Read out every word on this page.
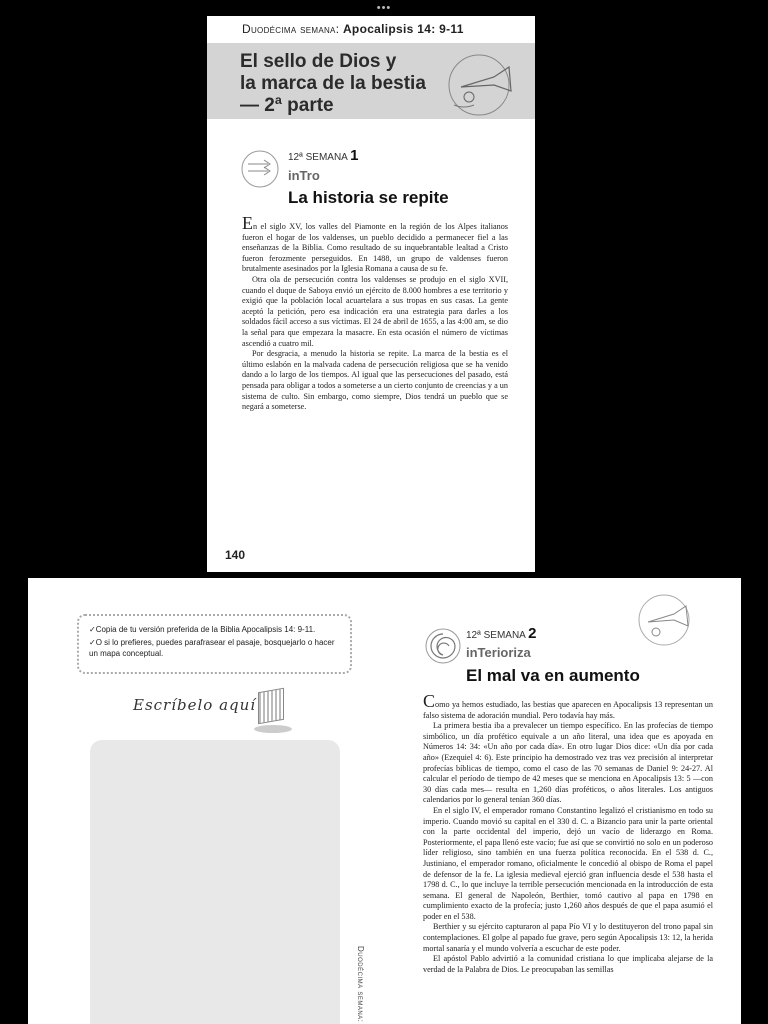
•••
Duodécima semana: Apocalipsis 14: 9-11
El sello de Dios y
la marca de la bestia
— 2ª parte
12ª SEMANA 1
inTro
La historia se repite

En el siglo XV, los valles del Piamonte en la región de los Alpes italianos fueron el hogar de los valdenses, un pueblo decidido a permanecer fiel a las enseñanzas de la Biblia. Como resultado de su inquebrantable lealtad a Cristo fueron ferozmente perseguidos. En 1488, un grupo de valdenses fueron brutalmente asesinados por la Iglesia Romana a causa de su fe.

Otra ola de persecución contra los valdenses se produjo en el siglo XVII, cuando el duque de Saboya envió un ejército de 8.000 hombres a ese territorio y exigió que la población local acuartelara a sus tropas en sus casas. La gente aceptó la petición, pero esa indicación era una estrategia para darles a los soldados fácil acceso a sus víctimas. El 24 de abril de 1655, a las 4:00 am, se dio la señal para que empezara la masacre. En esta ocasión el número de víctimas ascendió a cuatro mil.

Por desgracia, a menudo la historia se repite. La marca de la bestia es el último eslabón en la malvada cadena de persecución religiosa que se ha venido dando a lo largo de los tiempos. Al igual que las persecuciones del pasado, está pensada para obligar a todos a someterse a un cierto conjunto de creencias y a un sistema de culto. Sin embargo, como siempre, Dios tendrá un pueblo que se negará a someterse.

140
✓Copia de tu versión preferida de la Biblia Apocalipsis 14: 9-11.
✓O si lo prefieres, puedes parafrasear el pasaje, bosquejarlo o hacer un mapa conceptual.
Escríbelo aquí
Duodécima semana:
12ª SEMANA 2
inTerioriza
El mal va en aumento

Como ya hemos estudiado, las bestias que aparecen en Apocalipsis 13 representan un falso sistema de adoración mundial. Pero todavía hay más.

La primera bestia iba a prevalecer un tiempo específico. En las profecías de tiempo simbólico, un día profético equivale a un año literal, una idea que es apoyada en Números 14: 34: «Un año por cada día». En otro lugar Dios dice: «Un día por cada año» (Ezequiel 4: 6). Este principio ha demostrado vez tras vez precisión al interpretar profecías bíblicas de tiempo, como el caso de las 70 semanas de Daniel 9: 24-27. Al calcular el período de tiempo de 42 meses que se menciona en Apocalipsis 13: 5 —con 30 días cada mes— resulta en 1,260 días proféticos, o años literales. Los antiguos calendarios por lo general tenían 360 días.

En el siglo IV, el emperador romano Constantino legalizó el cristianismo en todo su imperio. Cuando movió su capital en el 330 d. C. a Bizancio para unir la parte oriental con la parte occidental del imperio, dejó un vacío de liderazgo en Roma. Posteriormente, el papa llenó este vacío; fue así que se convirtió no solo en un poderoso líder religioso, sino también en una fuerza política reconocida. En el 538 d. C., Justiniano, el emperador romano, oficialmente le concedió al obispo de Roma el papel de defensor de la fe. La iglesia medieval ejerció gran influencia desde el 538 hasta el 1798 d. C., lo que incluye la terrible persecución mencionada en la introducción de esta semana. El general de Napoleón, Berthier, tomó cautivo al papa en 1798 en cumplimiento exacto de la profecía; justo 1,260 años después de que el papa asumió el poder en el 538.

Berthier y su ejército capturaron al papa Pío VI y lo destituyeron del trono papal sin contemplaciones. El golpe al papado fue grave, pero según Apocalipsis 13: 12, la herida mortal sanaría y el mundo volvería a escuchar de este poder.

El apóstol Pablo advirtió a la comunidad cristiana lo que implicaba alejarse de la verdad de la Palabra de Dios. Le preocupaban las semillas
